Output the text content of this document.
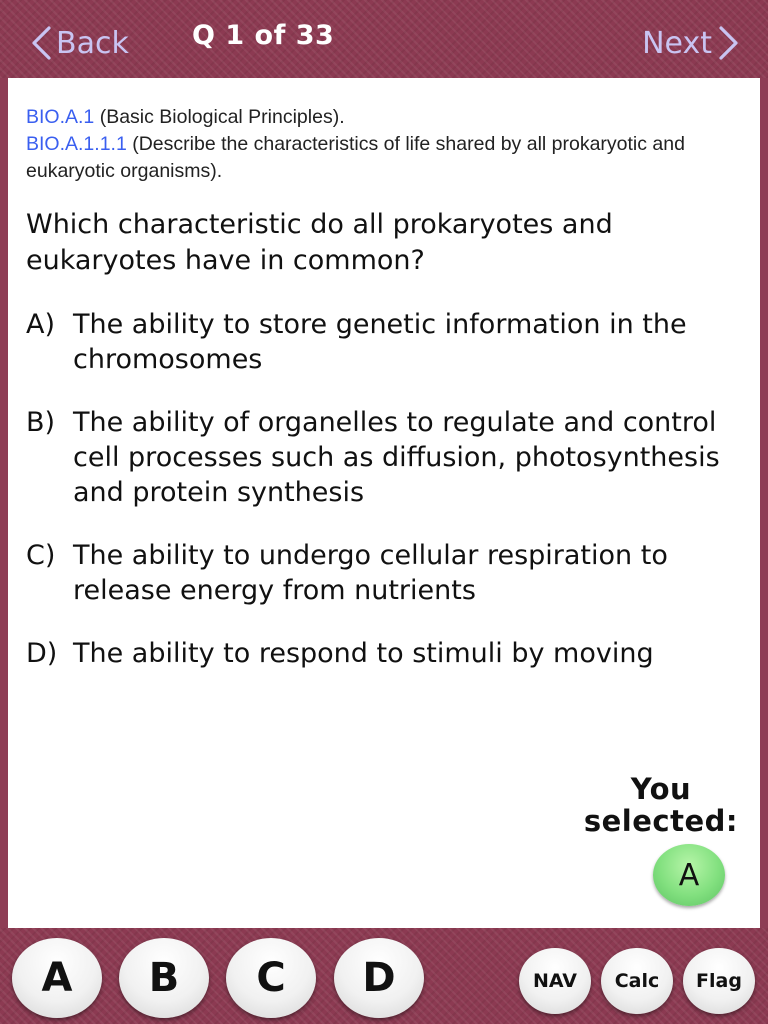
Back Q 1 of 33	Next
BIO.A.1 (Basic Biological Principles).
BIO.A.1.1.1 (Describe the characteristics of life shared by all prokaryotic and eukaryotic organisms).
Which characteristic do all prokaryotes and eukaryotes have in common?
A) The ability to store genetic information in the chromosomes
B) The ability of organelles to regulate and control cell processes such as diffusion, photosynthesis and protein synthesis
C) The ability to undergo cellular respiration to release energy from nutrients
D) The ability to respond to stimuli by moving
You
selected:
A
A	B	C	D	NAV	Calc	Flag
